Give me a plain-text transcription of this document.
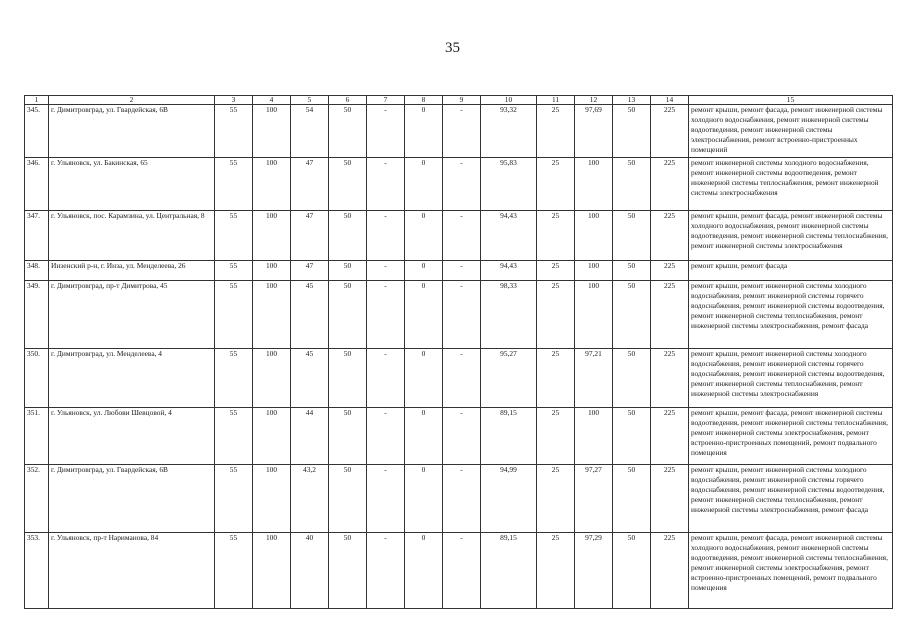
35
1	2	3	4	5	6	7	8	9	10	11	12	13	14	15
345.	г. Димитровград, ул. Гвардейская, 6В	55	100	54	50	-	0	-	93,32	25	97,69	50	225	ремонт крыши, ремонт фасада, ремонт инженерной системы холодного водоснабжения, ремонт инженерной системы водоотведения, ремонт инженерной системы электроснабжения, ремонт встроенно-пристроенных помещений
346.	г. Ульяновск, ул. Бакинская, 65	55	100	47	50	-	0	-	95,83	25	100	50	225	ремонт инженерной системы холодного водоснабжения, ремонт инженерной системы водоотведения, ремонт инженерной системы теплоснабжения, ремонт инженерной системы электроснабжения
347.	г. Ульяновск, пос. Карамзина, ул. Центральная, 8	55	100	47	50	-	0	-	94,43	25	100	50	225	ремонт крыши, ремонт фасада, ремонт инженерной системы холодного водоснабжения, ремонт инженерной системы водоотведения, ремонт инженерной системы теплоснабжения, ремонт инженерной системы электроснабжения
348.	Инзенский р-н, г. Инза, ул. Менделеева, 26	55	100	47	50	-	0	-	94,43	25	100	50	225	ремонт крыши, ремонт фасада
349.	г. Димитровград, пр-т Димитрова, 45	55	100	45	50	-	0	-	98,33	25	100	50	225	ремонт крыши, ремонт инженерной системы холодного водоснабжения, ремонт инженерной системы горячего водоснабжения, ремонт инженерной системы водоотведения, ремонт инженерной системы теплоснабжения, ремонт инженерной системы электроснабжения, ремонт фасада
350.	г. Димитровград, ул. Менделеева, 4	55	100	45	50	-	0	-	95,27	25	97,21	50	225	ремонт крыши, ремонт инженерной системы холодного водоснабжения, ремонт инженерной системы горячего водоснабжения, ремонт инженерной системы водоотведения, ремонт инженерной системы теплоснабжения, ремонт инженерной системы электроснабжения
351.	г. Ульяновск, ул. Любови Шевцовой, 4	55	100	44	50	-	0	-	89,15	25	100	50	225	ремонт крыши, ремонт фасада, ремонт инженерной системы водоотведения, ремонт инженерной системы теплоснабжения, ремонт инженерной системы электроснабжения, ремонт встроенно-пристроенных помещений, ремонт подвального помещения
352.	г. Димитровград, ул. Гвардейская, 6В	55	100	43,2	50	-	0	-	94,99	25	97,27	50	225	ремонт крыши, ремонт инженерной системы холодного водоснабжения, ремонт инженерной системы горячего водоснабжения, ремонт инженерной системы водоотведения, ремонт инженерной системы теплоснабжения, ремонт инженерной системы электроснабжения, ремонт фасада
353.	г. Ульяновск, пр-т Нариманова, 84	55	100	40	50	-	0	-	89,15	25	97,29	50	225	ремонт крыши, ремонт фасада, ремонт инженерной системы холодного водоснабжения, ремонт инженерной системы водоотведения, ремонт инженерной системы теплоснабжения, ремонт инженерной системы электроснабжения, ремонт встроенно-пристроенных помещений, ремонт подвального помещения
